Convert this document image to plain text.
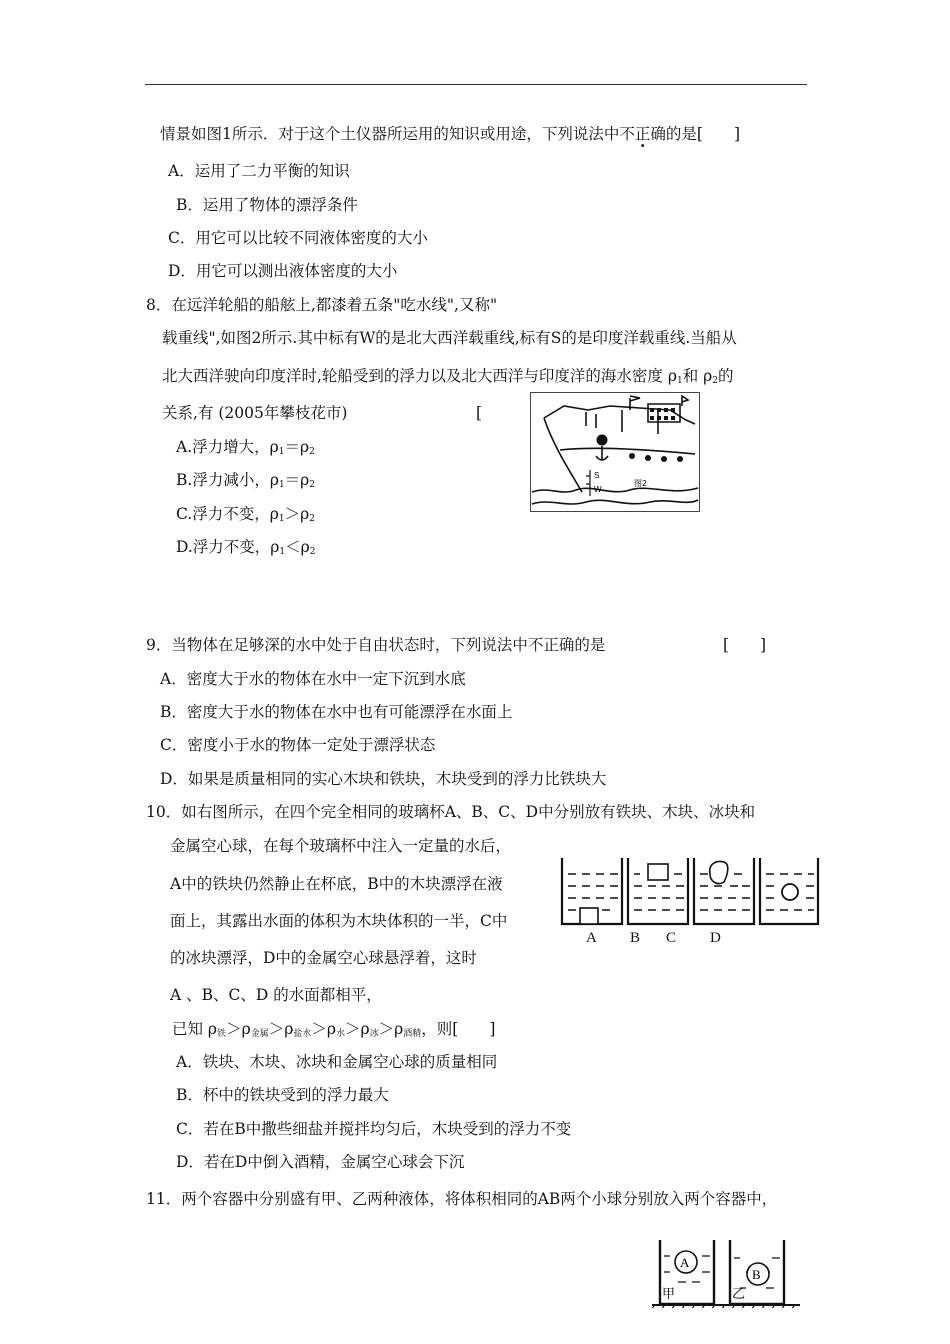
情景如图1所示．对于这个土仪器所运用的知识或用途，下列说法中不正确的是[　　]
A．运用了二力平衡的知识
B．运用了物体的漂浮条件
C．用它可以比较不同液体密度的大小
D．用它可以测出液体密度的大小
8．在远洋轮船的船舷上,都漆着五条"吃水线",又称"
载重线",如图2所示.其中标有W的是北大西洋载重线,标有S的是印度洋载重线.当船从
北大西洋驶向印度洋时,轮船受到的浮力以及北大西洋与印度洋的海水密度 $\rho_1$和 $\rho_2$的
关系,有 (2005年攀枝花市)	[
A.浮力增大，$\rho_1=\rho_2$
B.浮力减小，$\rho_1=\rho_2$
C.浮力不变，$\rho_1>\rho_2$
D.浮力不变，$\rho_1<\rho_2$
S
W
图2
9．当物体在足够深的水中处于自由状态时，下列说法中不正确的是	[　　]
A．密度大于水的物体在水中一定下沉到水底
B．密度大于水的物体在水中也有可能漂浮在水面上
C．密度小于水的物体一定处于漂浮状态
D．如果是质量相同的实心木块和铁块，木块受到的浮力比铁块大
10．如右图所示，在四个完全相同的玻璃杯A、B、C、D中分别放有铁块、木块、冰块和
金属空心球，在每个玻璃杯中注入一定量的水后，
A中的铁块仍然静止在杯底，B中的木块漂浮在液
面上，其露出水面的体积为木块体积的一半，C中
的冰块漂浮，D中的金属空心球悬浮着，这时
A 、B、C、D 的水面都相平，
已知 $\rho_铁>\rho_{金属}>\rho_{盐水}>\rho_水>\rho_冰>\rho_{酒精}$，则[　　]
A．铁块、木块、冰块和金属空心球的质量相同
B．杯中的铁块受到的浮力最大
C．若在B中撒些细盐并搅拌均匀后，木块受到的浮力不变
D．若在D中倒入酒精，金属空心球会下沉
A B C D
11．两个容器中分别盛有甲、乙两种液体，将体积相同的AB两个小球分别放入两个容器中，
A
B
甲	乙
